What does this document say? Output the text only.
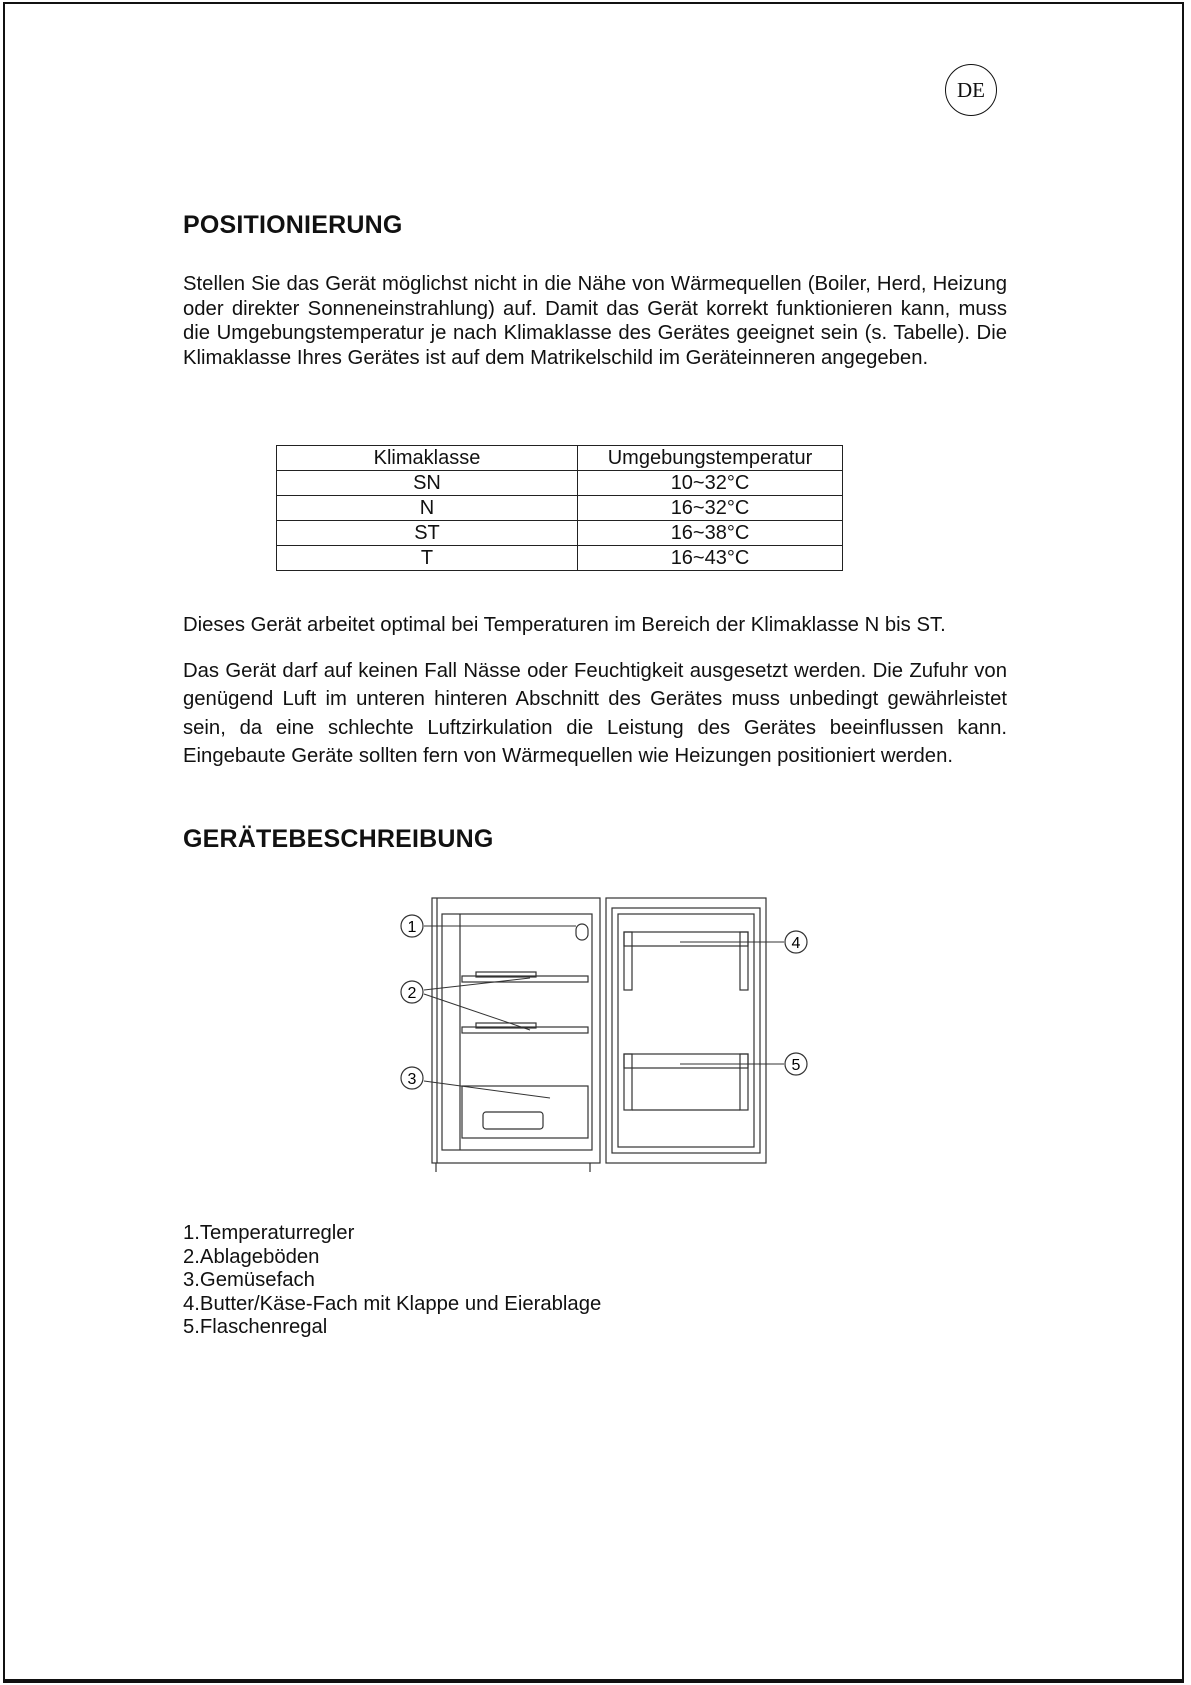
DE
POSITIONIERUNG

Stellen Sie das Gerät möglichst nicht in die Nähe von Wärmequellen (Boiler, Herd, Heizung oder direkter Sonneneinstrahlung) auf. Damit das Gerät korrekt funktionieren kann, muss die Umgebungstemperatur je nach Klimaklasse des Gerätes geeignet sein (s. Tabelle). Die Klimaklasse Ihres Gerätes ist auf dem Matrikelschild im Geräteinneren angegeben.

Klimaklasse	Umgebungstemperatur
SN	10~32°C
N	16~32°C
ST	16~38°C
T	16~43°C

Dieses Gerät arbeitet optimal bei Temperaturen im Bereich der Klimaklasse N bis ST.

Das Gerät darf auf keinen Fall Nässe oder Feuchtigkeit ausgesetzt werden. Die Zufuhr von genügend Luft im unteren hinteren Abschnitt des Gerätes muss unbedingt gewährleistet sein, da eine schlechte Luftzirkulation die Leistung des Gerätes beeinflussen kann. Eingebaute Geräte sollten fern von Wärmequellen wie Heizungen positioniert werden.

GERÄTEBESCHREIBUNG
1
2
3
4
5
1.Temperaturregler
2.Ablageböden
3.Gemüsefach
4.Butter/Käse-Fach mit Klappe und Eierablage
5.Flaschenregal
